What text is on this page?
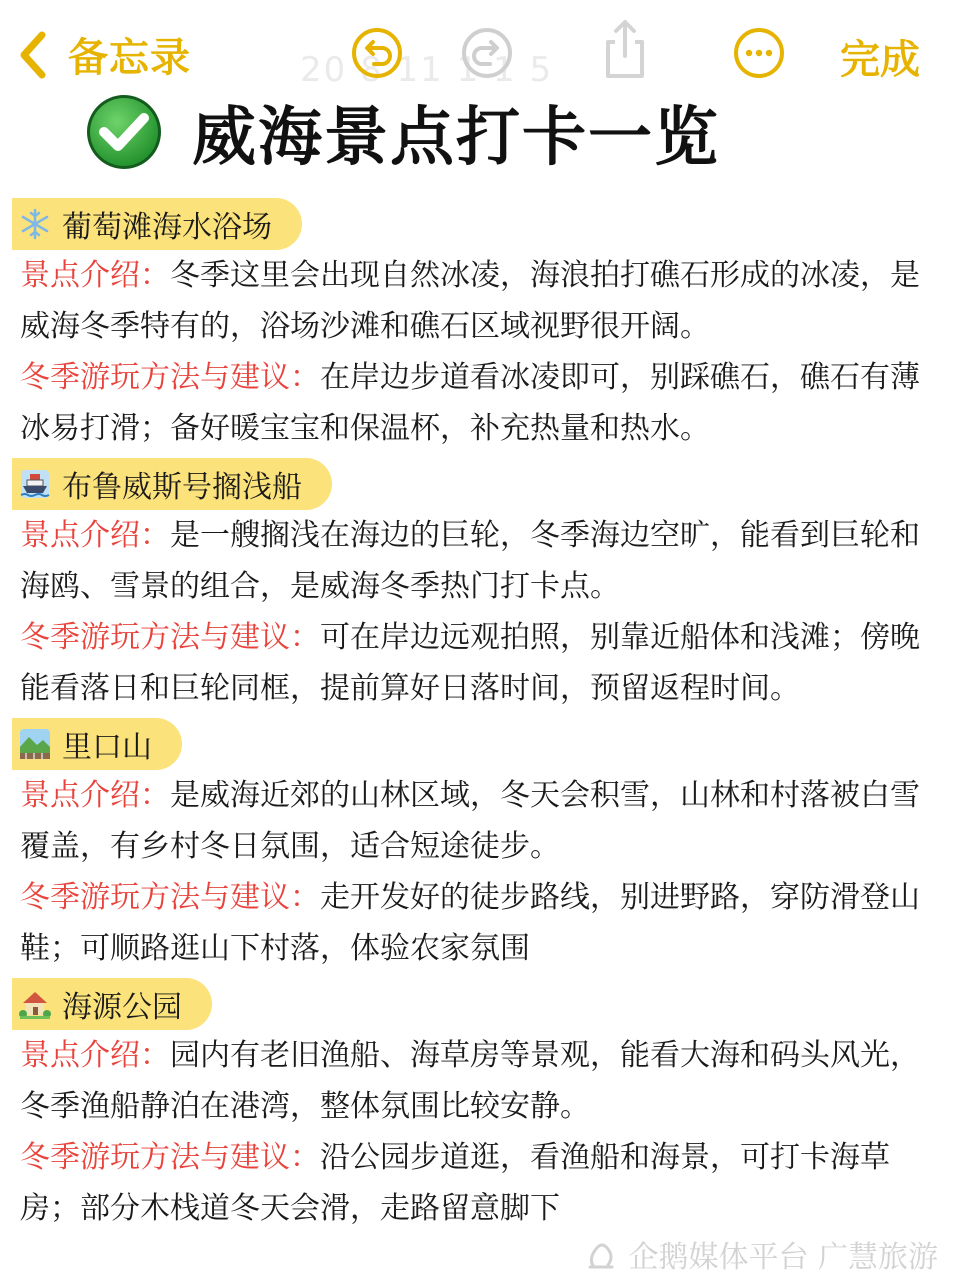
备忘录	20 8 11 1 1 5	完成
威海景点打卡一览
葡萄滩海水浴场

景点介绍：冬季这里会出现自然冰凌，海浪拍打礁石形成的冰凌，是威海冬季特有的，浴场沙滩和礁石区域视野很开阔。

冬季游玩方法与建议：在岸边步道看冰凌即可，别踩礁石，礁石有薄冰易打滑；备好暖宝宝和保温杯，补充热量和热水。

布鲁威斯号搁浅船

景点介绍：是一艘搁浅在海边的巨轮，冬季海边空旷，能看到巨轮和海鸥、雪景的组合，是威海冬季热门打卡点。

冬季游玩方法与建议：可在岸边远观拍照，别靠近船体和浅滩；傍晚能看落日和巨轮同框，提前算好日落时间，预留返程时间。

里口山

景点介绍：是威海近郊的山林区域，冬天会积雪，山林和村落被白雪覆盖，有乡村冬日氛围，适合短途徒步。

冬季游玩方法与建议：走开发好的徒步路线，别进野路，穿防滑登山鞋；可顺路逛山下村落，体验农家氛围

海源公园

景点介绍：园内有老旧渔船、海草房等景观，能看大海和码头风光，冬季渔船静泊在港湾，整体氛围比较安静。

冬季游玩方法与建议：沿公园步道逛，看渔船和海景，可打卡海草房；部分木栈道冬天会滑，走路留意脚下

企鹅媒体平台 广慧旅游
